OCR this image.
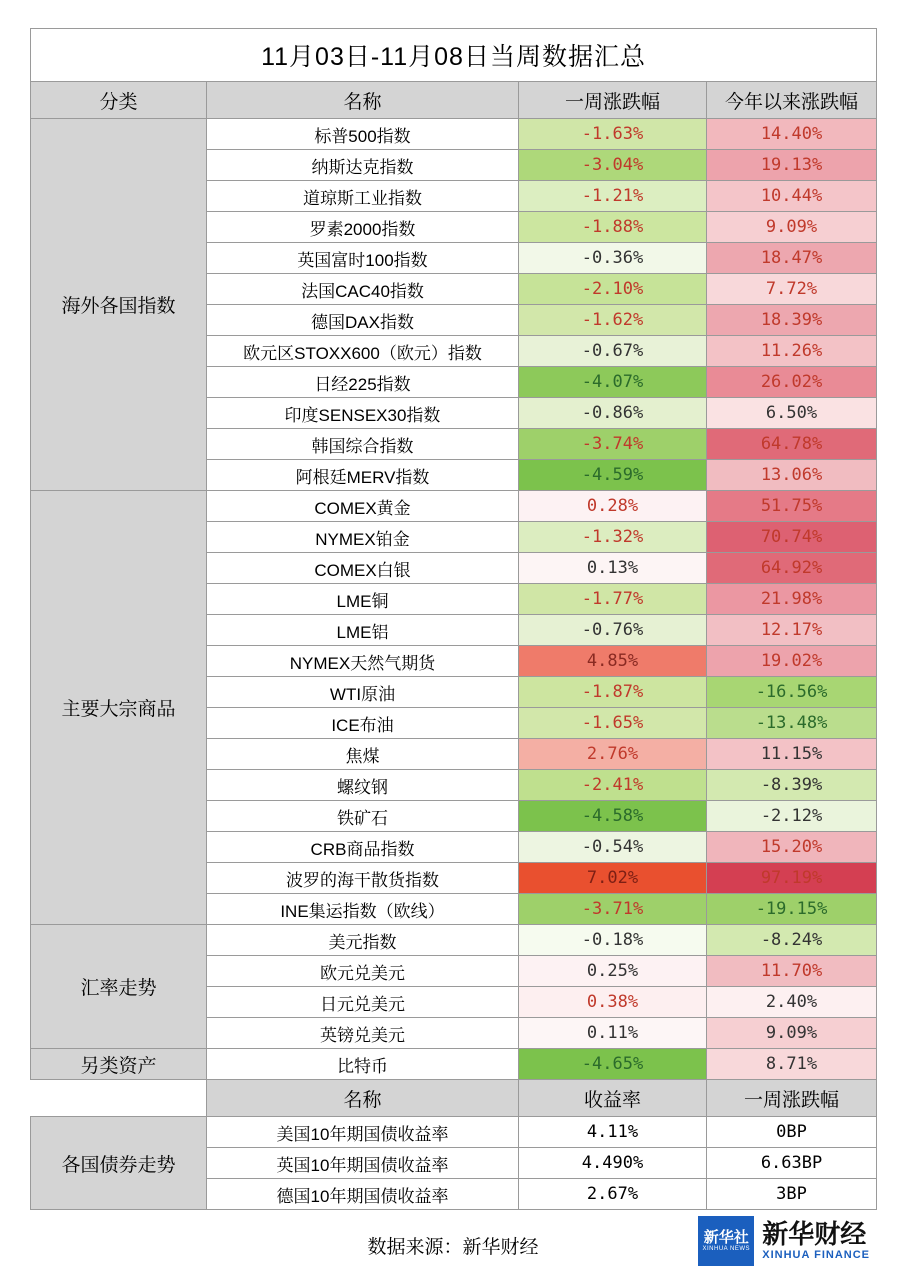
11月03日-11月08日当周数据汇总			
分类	名称	一周涨跌幅	今年以来涨跌幅
海外各国指数	标普500指数	-1.63%	14.40%
	纳斯达克指数	-3.04%	19.13%
	道琼斯工业指数	-1.21%	10.44%
	罗素2000指数	-1.88%	9.09%
	英国富时100指数	-0.36%	18.47%
	法国CAC40指数	-2.10%	7.72%
	德国DAX指数	-1.62%	18.39%
	欧元区STOXX600（欧元）指数	-0.67%	11.26%
	日经225指数	-4.07%	26.02%
	印度SENSEX30指数	-0.86%	6.50%
	韩国综合指数	-3.74%	64.78%
	阿根廷MERV指数	-4.59%	13.06%
主要大宗商品	COMEX黄金	0.28%	51.75%
	NYMEX铂金	-1.32%	70.74%
	COMEX白银	0.13%	64.92%
	LME铜	-1.77%	21.98%
	LME铝	-0.76%	12.17%
	NYMEX天然气期货	4.85%	19.02%
	WTI原油	-1.87%	-16.56%
	ICE布油	-1.65%	-13.48%
	焦煤	2.76%	11.15%
	螺纹钢	-2.41%	-8.39%
	铁矿石	-4.58%	-2.12%
	CRB商品指数	-0.54%	15.20%
	波罗的海干散货指数	7.02%	97.19%
	INE集运指数（欧线）	-3.71%	-19.15%
汇率走势	美元指数	-0.18%	-8.24%
	欧元兑美元	0.25%	11.70%
	日元兑美元	0.38%	2.40%
	英镑兑美元	0.11%	9.09%
另类资产	比特币	-4.65%	8.71%
	名称	收益率	一周涨跌幅
各国债券走势	美国10年期国债收益率	4.11%	0BP
	英国10年期国债收益率	4.490%	6.63BP
	德国10年期国债收益率	2.67%	3BP
数据来源：新华财经	新华社
XINHUA NEWS 新华财经
XINHUA FINANCE
